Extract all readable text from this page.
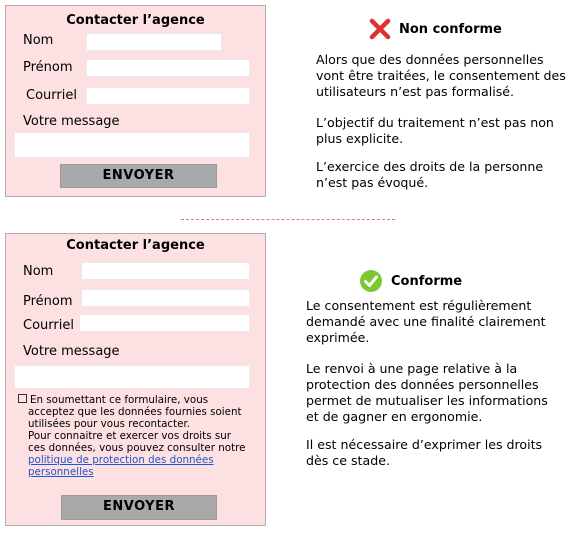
Contacter l’agence
Nom
Prénom
Courriel
Votre message
ENVOYER
Non conforme
Alors que des données personnelles
vont être traitées, le consentement des
utilisateurs n’est pas formalisé.
L’objectif du traitement n’est pas non
plus explicite.
L’exercice des droits de la personne
n’est pas évoqué.
Contacter l’agence
Nom
Prénom
Courriel
Votre message
En soumettant ce formulaire, vous
acceptez que les données fournies soient
utilisées pour vous recontacter.
Pour connaitre et exercer vos droits sur
ces données, vous pouvez consulter notre
politique de protection des données
personnelles
ENVOYER
Conforme
Le consentement est régulièrement
demandé avec une finalité clairement
exprimée.
Le renvoi à une page relative à la
protection des données personnelles
permet de mutualiser les informations
et de gagner en ergonomie.
Il est nécessaire d’exprimer les droits
dès ce stade.
